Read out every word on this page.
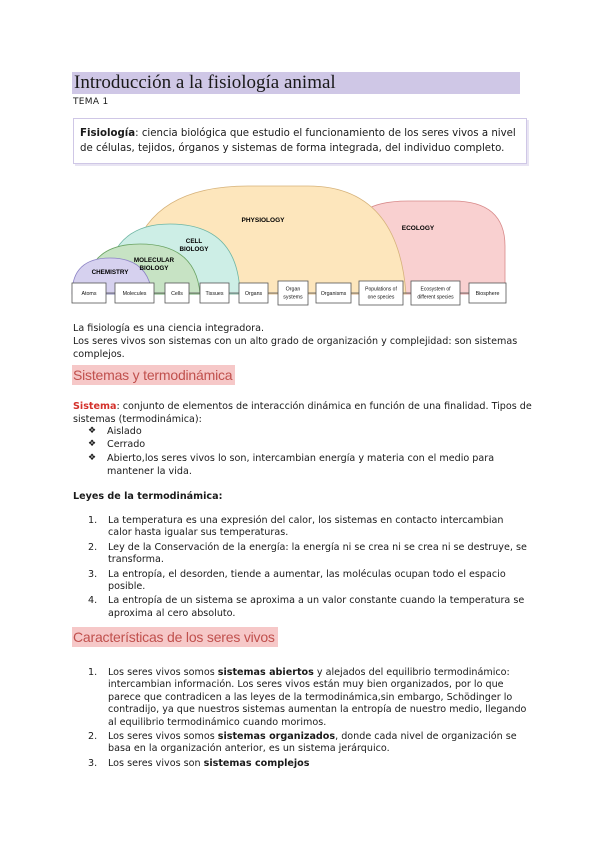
Introducción a la fisiología animal
TEMA 1
Fisiología: ciencia biológica que estudio el funcionamiento de los seres vivos a nivel de células, tejidos, órganos y sistemas de forma integrada, del individuo completo.
PHYSIOLOGY
ECOLOGY
CELL
BIOLOGY
MOLECULAR
BIOLOGY
CHEMISTRY
Atoms	Molecules	Cells	Tissues	Organs
Organ
systems
Organisms
Populations of
one species
Ecosystem of
different species
Biosphere
La fisiología es una ciencia integradora.
Los seres vivos son sistemas con un alto grado de organización y complejidad: son sistemas complejos.
Sistemas y termodinámica
Sistema: conjunto de elementos de interacción dinámica en función de una finalidad. Tipos de sistemas (termodinámica):
❖	Aislado
❖	Cerrado
❖	Abierto,los seres vivos lo son, intercambian energía y materia con el medio para mantener la vida.
Leyes de la termodinámica:
1.	La temperatura es una expresión del calor, los sistemas en contacto intercambian calor hasta igualar sus temperaturas.
2.	Ley de la Conservación de la energía: la energía ni se crea ni se crea ni se destruye, se transforma.
3.	La entropía, el desorden, tiende a aumentar, las moléculas ocupan todo el espacio posible.
4.	La entropía de un sistema se aproxima a un valor constante cuando la temperatura se aproxima al cero absoluto.
Características de los seres vivos
1.	Los seres vivos somos sistemas abiertos y alejados del equilibrio termodinámico: intercambian información. Los seres vivos están muy bien organizados, por lo que parece que contradicen a las leyes de la termodinámica,sin embargo, Schödinger lo contradijo, ya que nuestros sistemas aumentan la entropía de nuestro medio, llegando al equilibrio termodinámico cuando morimos.
2.	Los seres vivos somos sistemas organizados, donde cada nivel de organización se basa en la organización anterior, es un sistema jerárquico.
3.	Los seres vivos son sistemas complejos
